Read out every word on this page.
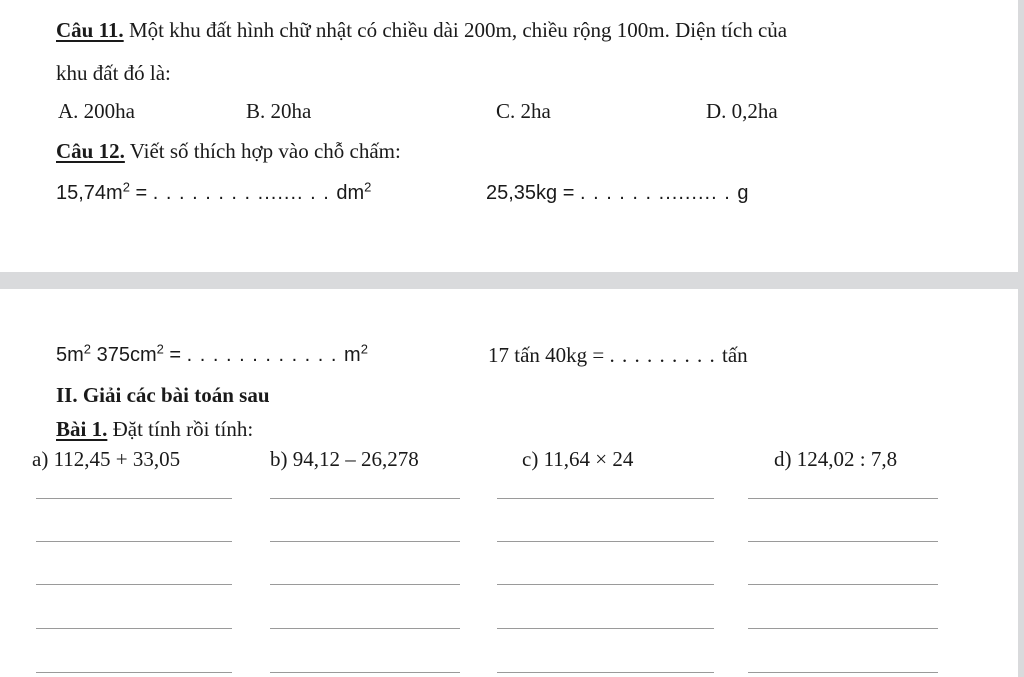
Câu 11. Một khu đất hình chữ nhật có chiều dài 200m, chiều rộng 100m. Diện tích của
khu đất đó là:
A. 200ha	B. 20ha	C. 2ha	D. 0,2ha
Câu 12. Viết số thích hợp vào chỗ chấm:
$15,74m^2$ = . . . . . . . . ....... . . $dm^2$	25,35kg = . . . . . . ......... . g
$5m^2$ $375cm^2$ = . . . . . . . . . . . . $m^2$	17 tấn 40kg = . . . . . . . . . tấn
II. Giải các bài toán sau
Bài 1. Đặt tính rồi tính:
a) 112,45 + 33,05	b) 94,12 – 26,278	c) 11,64 × 24	d) 124,02 : 7,8
